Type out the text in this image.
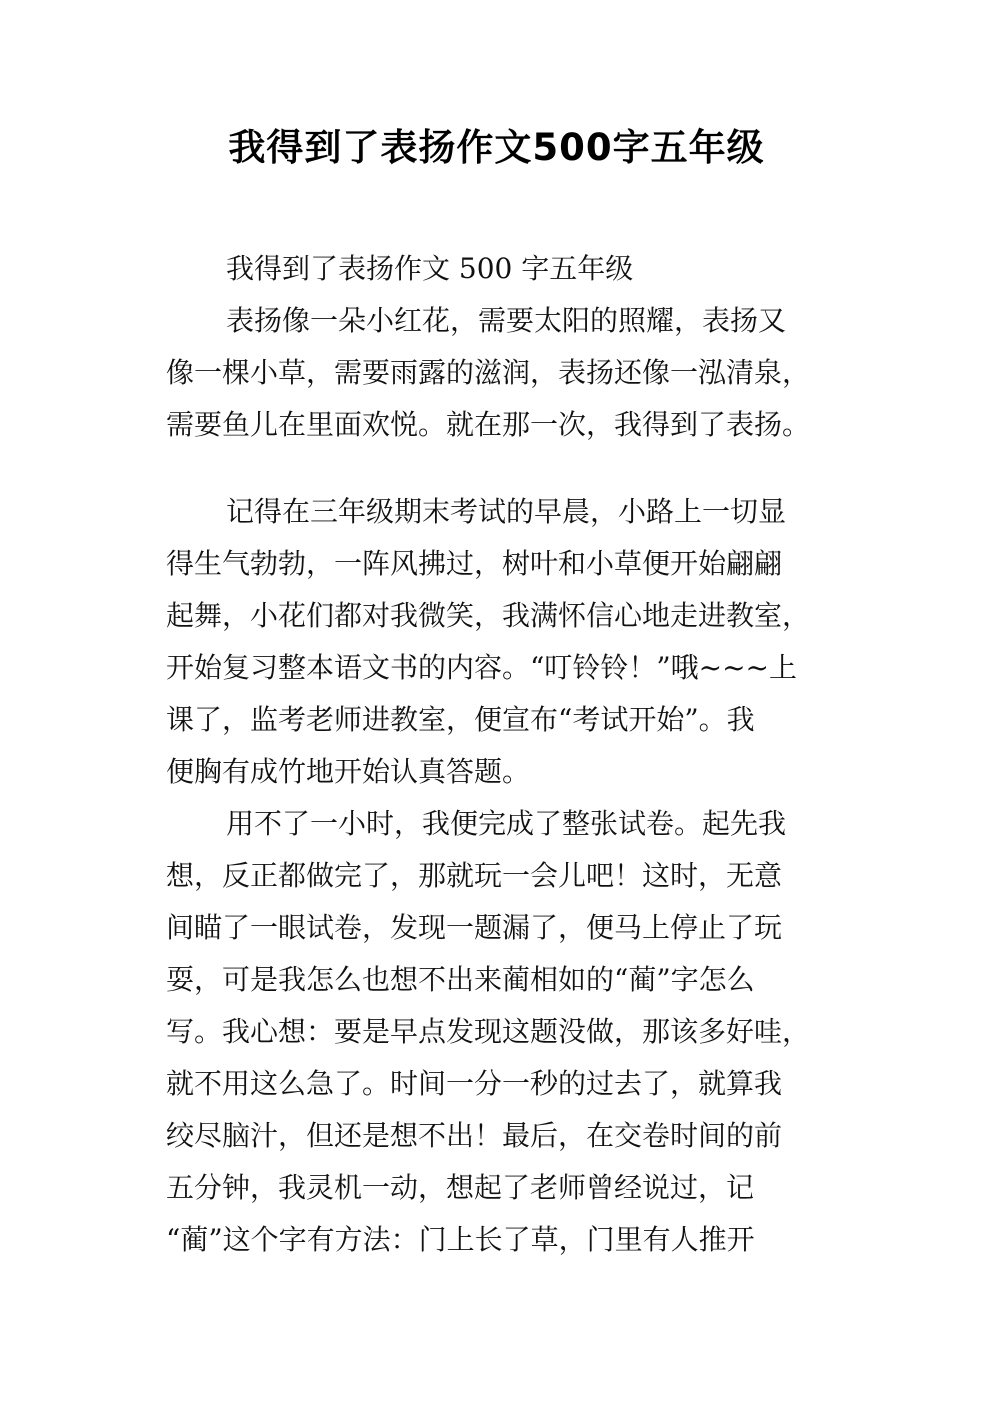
我得到了表扬作文500字五年级
我得到了表扬作文 500 字五年级
表扬像一朵小红花，需要太阳的照耀，表扬又
像一棵小草，需要雨露的滋润，表扬还像一泓清泉，
需要鱼儿在里面欢悦。就在那一次，我得到了表扬。
记得在三年级期末考试的早晨，小路上一切显
得生气勃勃，一阵风拂过，树叶和小草便开始翩翩
起舞，小花们都对我微笑，我满怀信心地走进教室，
开始复习整本语文书的内容。“叮铃铃！”哦~~~上
课了，监考老师进教室，便宣布“考试开始”。我
便胸有成竹地开始认真答题。
用不了一小时，我便完成了整张试卷。起先我
想，反正都做完了，那就玩一会儿吧！这时，无意
间瞄了一眼试卷，发现一题漏了，便马上停止了玩
耍，可是我怎么也想不出来蔺相如的“蔺”字怎么
写。我心想：要是早点发现这题没做，那该多好哇，
就不用这么急了。时间一分一秒的过去了，就算我
绞尽脑汁，但还是想不出！最后，在交卷时间的前
五分钟，我灵机一动，想起了老师曾经说过，记
“蔺”这个字有方法：门上长了草，门里有人推开
